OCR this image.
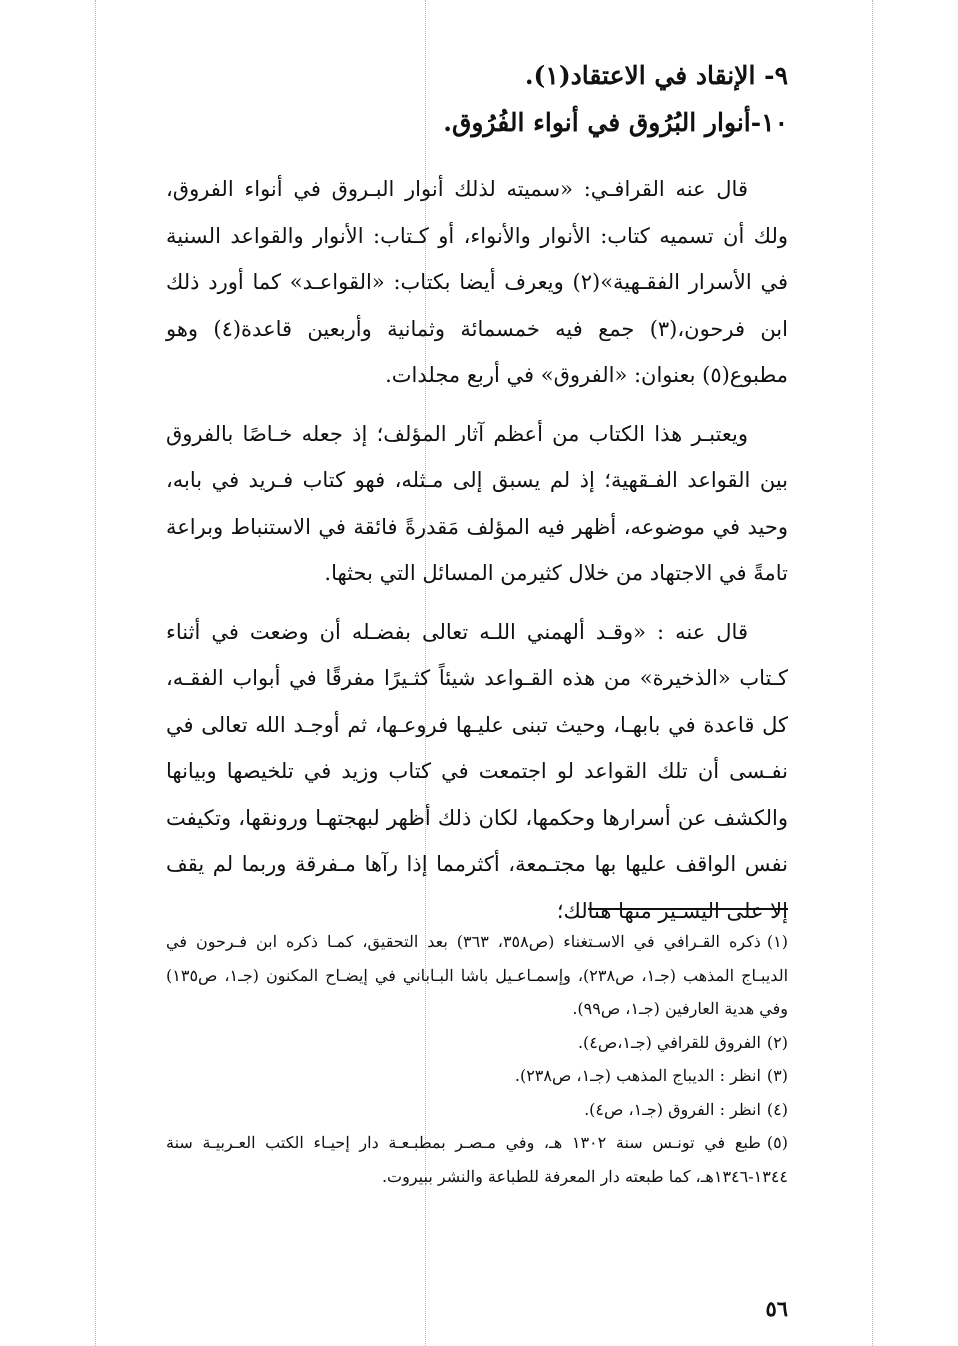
٩- الإنقاد في الاعتقاد(١).

١٠-أنوار البُرُوق في أنواء الفُرُوق.

قال عنه القرافـي: «سميته لذلك أنوار البـروق في أنواء الفروق، ولك أن تسميه كتاب: الأنوار والأنواء، أو كـتاب: الأنوار والقواعد السنية في الأسرار الفقـهية»(٢) ويعرف أيضا بكتاب: «القواعـد» كما أورد ذلك ابن فرحون،(٣) جمع فيه خمسمائة وثمانية وأربعين قاعدة(٤) وهو مطبوع(٥) بعنوان: «الفروق» في أربع مجلدات.

ويعتبـر هذا الكتاب من أعظم آثار المؤلف؛ إذ جعله خـاصًا بالفروق بين القواعد الفـقهية؛ إذ لم يسبق إلى مـثله، فهو كتاب فـريد في بابه، وحيد في موضوعه، أظهر فيه المؤلف مَقدرةً فائقة في الاستنباط وبراعة تامةً في الاجتهاد من خلال كثيرمن المسائل التي بحثها.

قال عنه : «وقـد ألهمني اللـه تعالى بفضـله أن وضعت في أثناء كـتاب «الذخيرة» من هذه القـواعد شيئاً كثـيرًا مفرقًا في أبواب الفقـه، كل قاعدة في بابهـا، وحيث تبنى عليـها فروعـها، ثم أوجـد الله تعالى في نفـسى أن تلك القواعد لو اجتمعت في كتاب وزيد في تلخيصها وبيانها والكشف عن أسرارها وحكمها، لكان ذلك أظهر لبهجتهـا ورونقها، وتكيفت نفس الواقف عليها بها مجتـمعة، أكثرمما إذا رآها مـفرقة وربما لم يقف إلا على اليسـير منها هنالك؛

(١)ذكره القـرافي في الاسـتغناء (ص٣٥٨، ٣٦٣) بعد التحقيق، كمـا ذكره ابن فـرحون في الديبـاج المذهب (جـ١، ص٢٣٨)، وإسمـاعـيل باشا البـاباني في إيضـاح المكنون (جـ١، ص١٣٥) وفي هدية العارفين (جـ١، ص٩٩).

(٢)الفروق للقرافي (جـ١،ص٤).

(٣)انظر : الديباج المذهب (جـ١، ص٢٣٨).

(٤)انظر : الفروق (جـ١، ص٤).

(٥)طبع في تونـس سنة ١٣٠٢ هـ، وفي مـصـر بمطبـعـة دار إحيـاء الكتب العـربيـة سنة ١٣٤٤-١٣٤٦هـ، كما طبعته دار المعرفة للطباعة والنشر ببيروت.

٥٦
